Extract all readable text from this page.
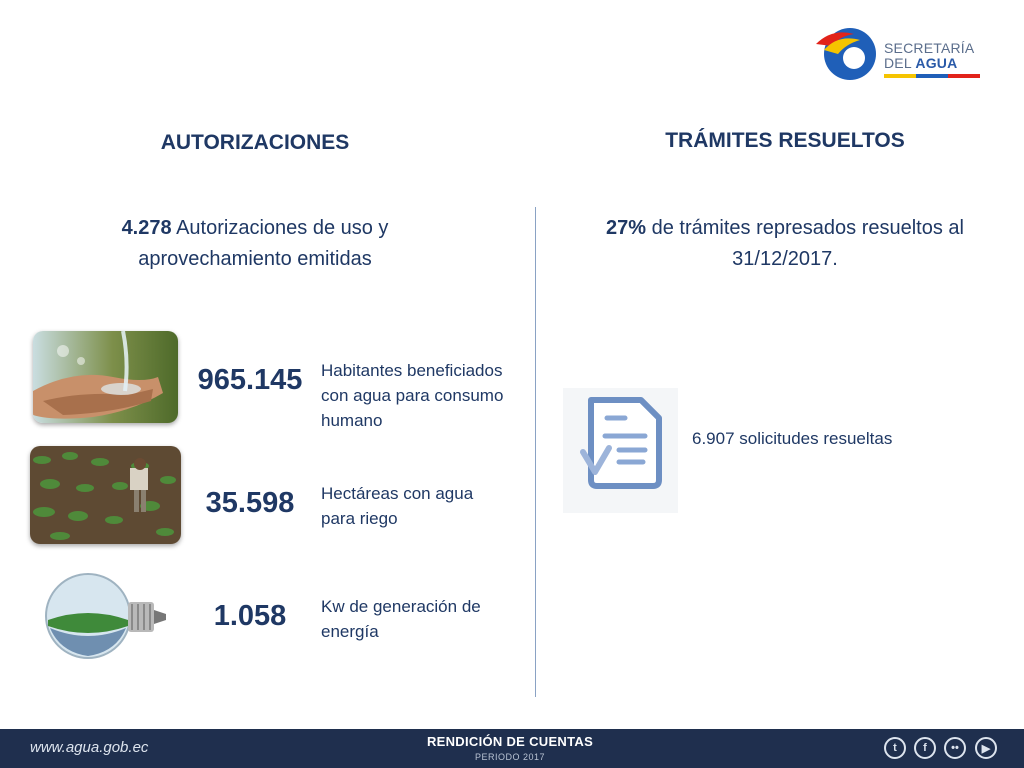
SECRETARÍA
DEL AGUA
AUTORIZACIONES	TRÁMITES RESUELTOS
4.278 Autorizaciones de uso y aprovechamiento emitidas
27% de trámites represados resueltos al 31/12/2017.
965.145	Habitantes beneficiados con agua para consumo humano
35.598	Hectáreas con agua para riego
1.058	Kw de generación de energía
6.907 solicitudes resueltas
www.agua.gob.ec	RENDICIÓN DE CUENTAS
PERIODO 2017
t	f	••	▶
